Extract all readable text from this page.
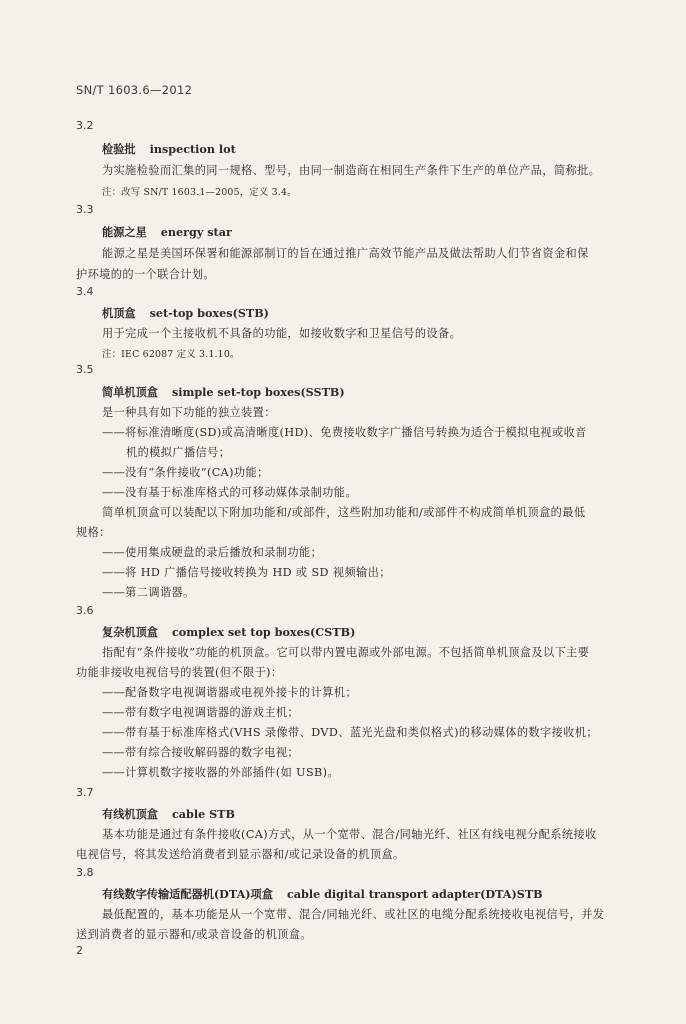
SN/T 1603.6—2012
3.2
检验批 inspection lot
为实施检验而汇集的同一规格、型号，由同一制造商在相同生产条件下生产的单位产品，简称批。
注：改写 SN/T 1603.1—2005，定义 3.4。
3.3
能源之星 energy star
能源之星是美国环保署和能源部制订的旨在通过推广高效节能产品及做法帮助人们节省资金和保
护环境的的一个联合计划。
3.4
机顶盒 set-top boxes(STB)
用于完成一个主接收机不具备的功能，如接收数字和卫星信号的设备。
注：IEC 62087 定义 3.1.10。
3.5
简单机顶盒 simple set-top boxes(SSTB)
是一种具有如下功能的独立装置：
——将标准清晰度(SD)或高清晰度(HD)、免费接收数字广播信号转换为适合于模拟电视或收音
机的模拟广播信号；
——没有“条件接收”(CA)功能；
——没有基于标准库格式的可移动媒体录制功能。
简单机顶盒可以装配以下附加功能和/或部件，这些附加功能和/或部件不构成简单机顶盒的最低
规格：
——使用集成硬盘的录后播放和录制功能；
——将 HD 广播信号接收转换为 HD 或 SD 视频输出；
——第二调谐器。
3.6
复杂机顶盒 complex set top boxes(CSTB)
指配有“条件接收”功能的机顶盒。它可以带内置电源或外部电源。不包括简单机顶盒及以下主要
功能非接收电视信号的装置(但不限于)：
——配备数字电视调谐器或电视外接卡的计算机；
——带有数字电视调谐器的游戏主机；
——带有基于标准库格式(VHS 录像带、DVD、蓝光光盘和类似格式)的移动媒体的数字接收机；
——带有综合接收解码器的数字电视；
——计算机数字接收器的外部插件(如 USB)。
3.7
有线机顶盒 cable STB
基本功能是通过有条件接收(CA)方式，从一个宽带、混合/同轴光纤、社区有线电视分配系统接收
电视信号，将其发送给消费者到显示器和/或记录设备的机顶盒。
3.8
有线数字传输适配器机(DTA)项盒 cable digital transport adapter(DTA)STB
最低配置的，基本功能是从一个宽带、混合/同轴光纤、或社区的电缆分配系统接收电视信号，并发
送到消费者的显示器和/或录音设备的机顶盒。
2
